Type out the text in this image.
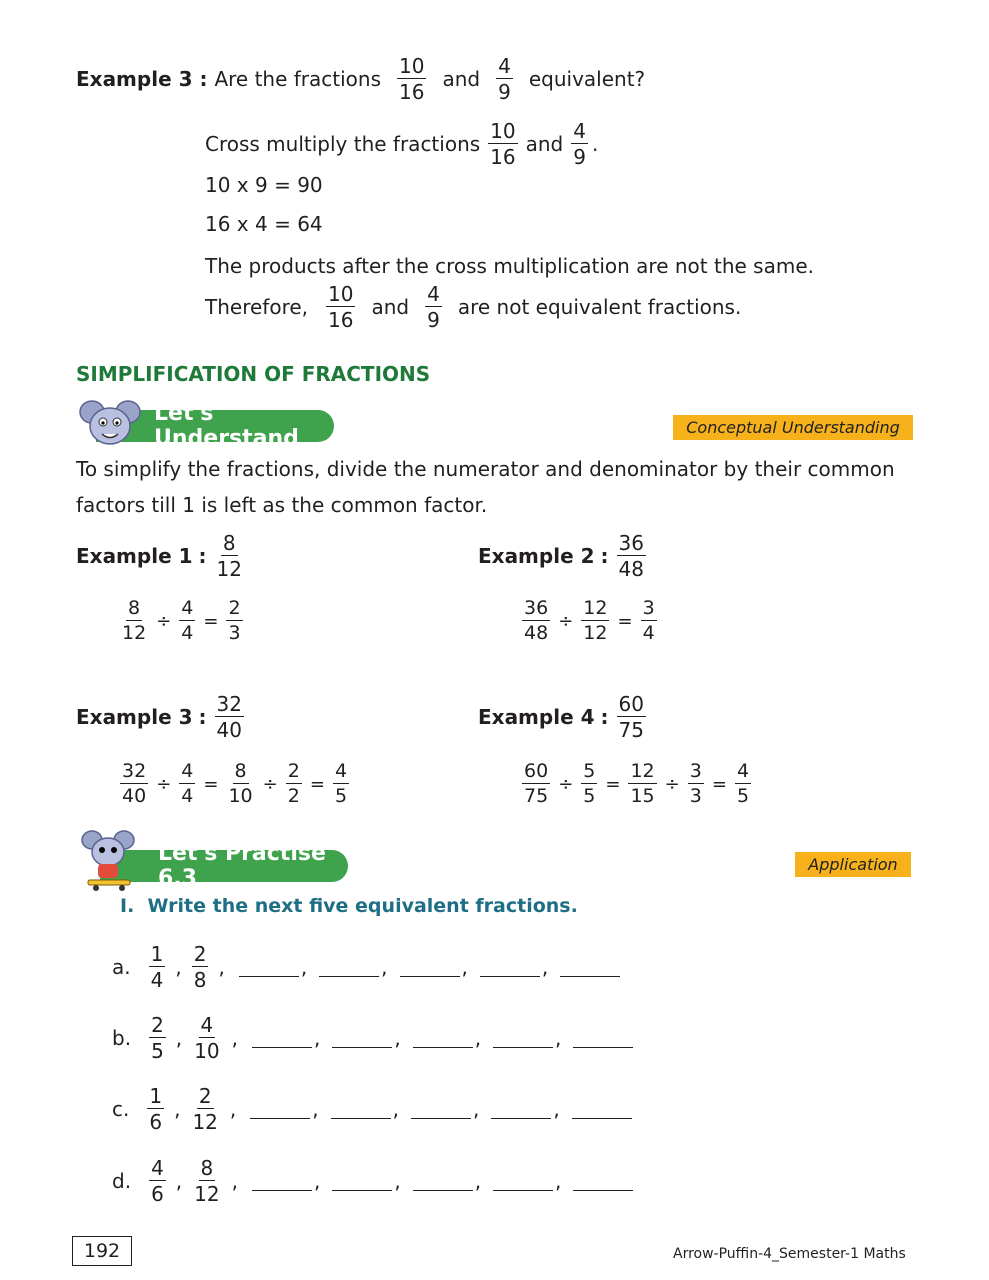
Example 3 : Are the fractions $\frac{10}{16}$ and $\frac{4}{9}$ equivalent?
Cross multiply the fractions $\frac{10}{16}$ and $\frac{4}{9}$ .
10 x 9 = 90
16 x 4 = 64
The products after the cross multiplication are not the same.
Therefore, $\frac{10}{16}$ and $\frac{4}{9}$ are not equivalent fractions.
SIMPLIFICATION OF FRACTIONS
Let's Understand	Conceptual Understanding
To simplify the fractions, divide the numerator and denominator by their common
factors till 1 is left as the common factor.
Example 1 : $\frac{8}{12}$	Example 2 : $\frac{36}{48}$
$\frac{8}{12} \div \frac{4}{4} = \frac{2}{3}$	$\frac{36}{48} \div \frac{12}{12} = \frac{3}{4}$
Example 3 : $\frac{32}{40}$	Example 4 : $\frac{60}{75}$
$\frac{32}{40} \div \frac{4}{4} = \frac{8}{10} \div \frac{2}{2} = \frac{4}{5}$	$\frac{60}{75} \div \frac{5}{5} = \frac{12}{15} \div \frac{3}{3} = \frac{4}{5}$
Let's Practise 6.3
Application
I.  Write the next five equivalent fractions.
a. $\frac{1}{4}$ , $\frac{2}{8}$ ,	,	,	,	,
b. $\frac{2}{5}$ , $\frac{4}{10}$ ,	,	,	,	,
c. $\frac{1}{6}$ , $\frac{2}{12}$ ,	,	,	,	,
d. $\frac{4}{6}$ , $\frac{8}{12}$ ,	,	,	,	,
192	Arrow-Puffin-4_Semester-1 Maths
